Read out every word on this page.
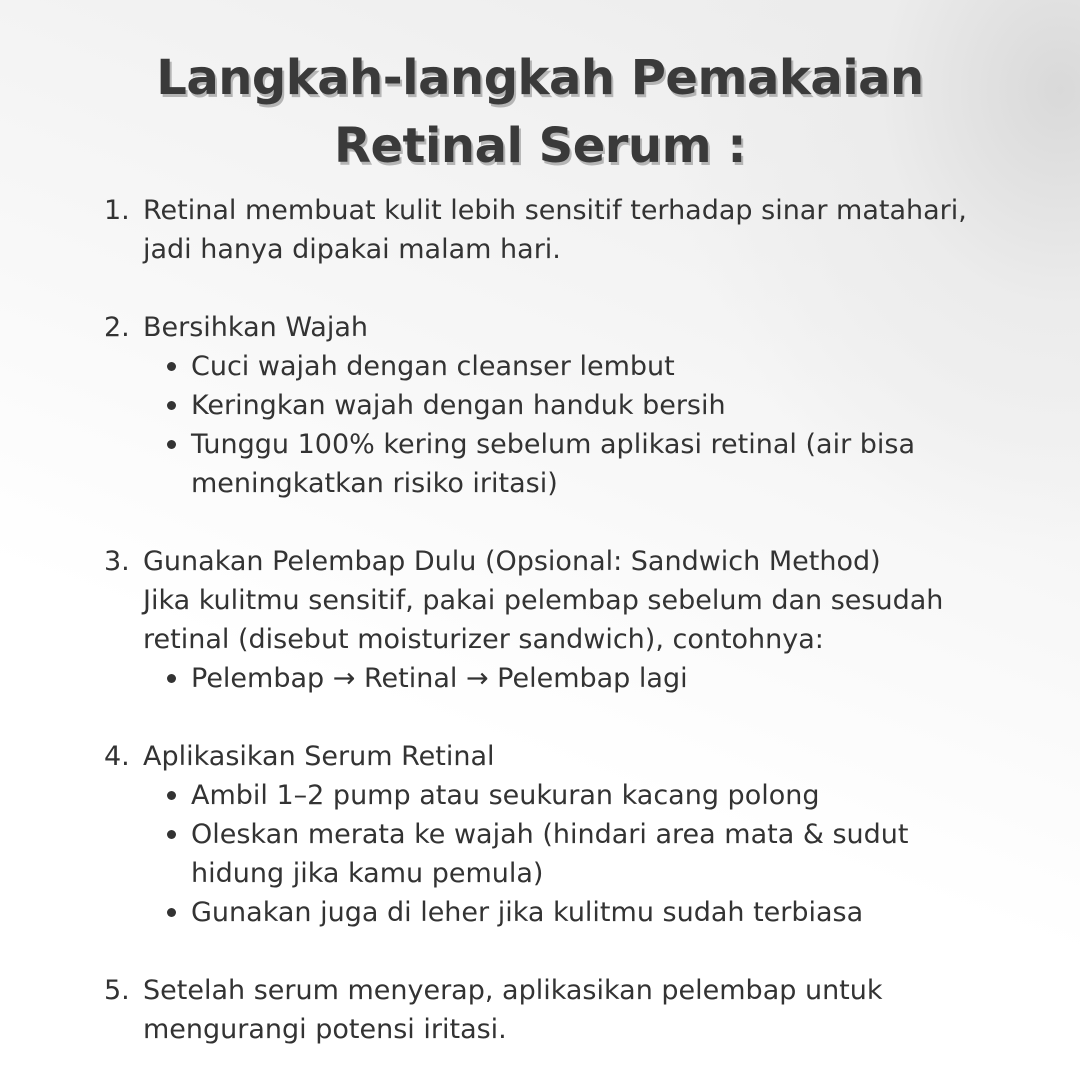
Langkah-langkah Pemakaian
Retinal Serum :
1. Retinal membuat kulit lebih sensitif terhadap sinar matahari,
jadi hanya dipakai malam hari.
2. Bersihkan Wajah
Cuci wajah dengan cleanser lembut
Keringkan wajah dengan handuk bersih
Tunggu 100% kering sebelum aplikasi retinal (air bisa
meningkatkan risiko iritasi)
3. Gunakan Pelembap Dulu (Opsional: Sandwich Method)
Jika kulitmu sensitif, pakai pelembap sebelum dan sesudah
retinal (disebut moisturizer sandwich), contohnya:
Pelembap → Retinal → Pelembap lagi
4. Aplikasikan Serum Retinal
Ambil 1–2 pump atau seukuran kacang polong
Oleskan merata ke wajah (hindari area mata & sudut
hidung jika kamu pemula)
Gunakan juga di leher jika kulitmu sudah terbiasa
5. Setelah serum menyerap, aplikasikan pelembap untuk
mengurangi potensi iritasi.
